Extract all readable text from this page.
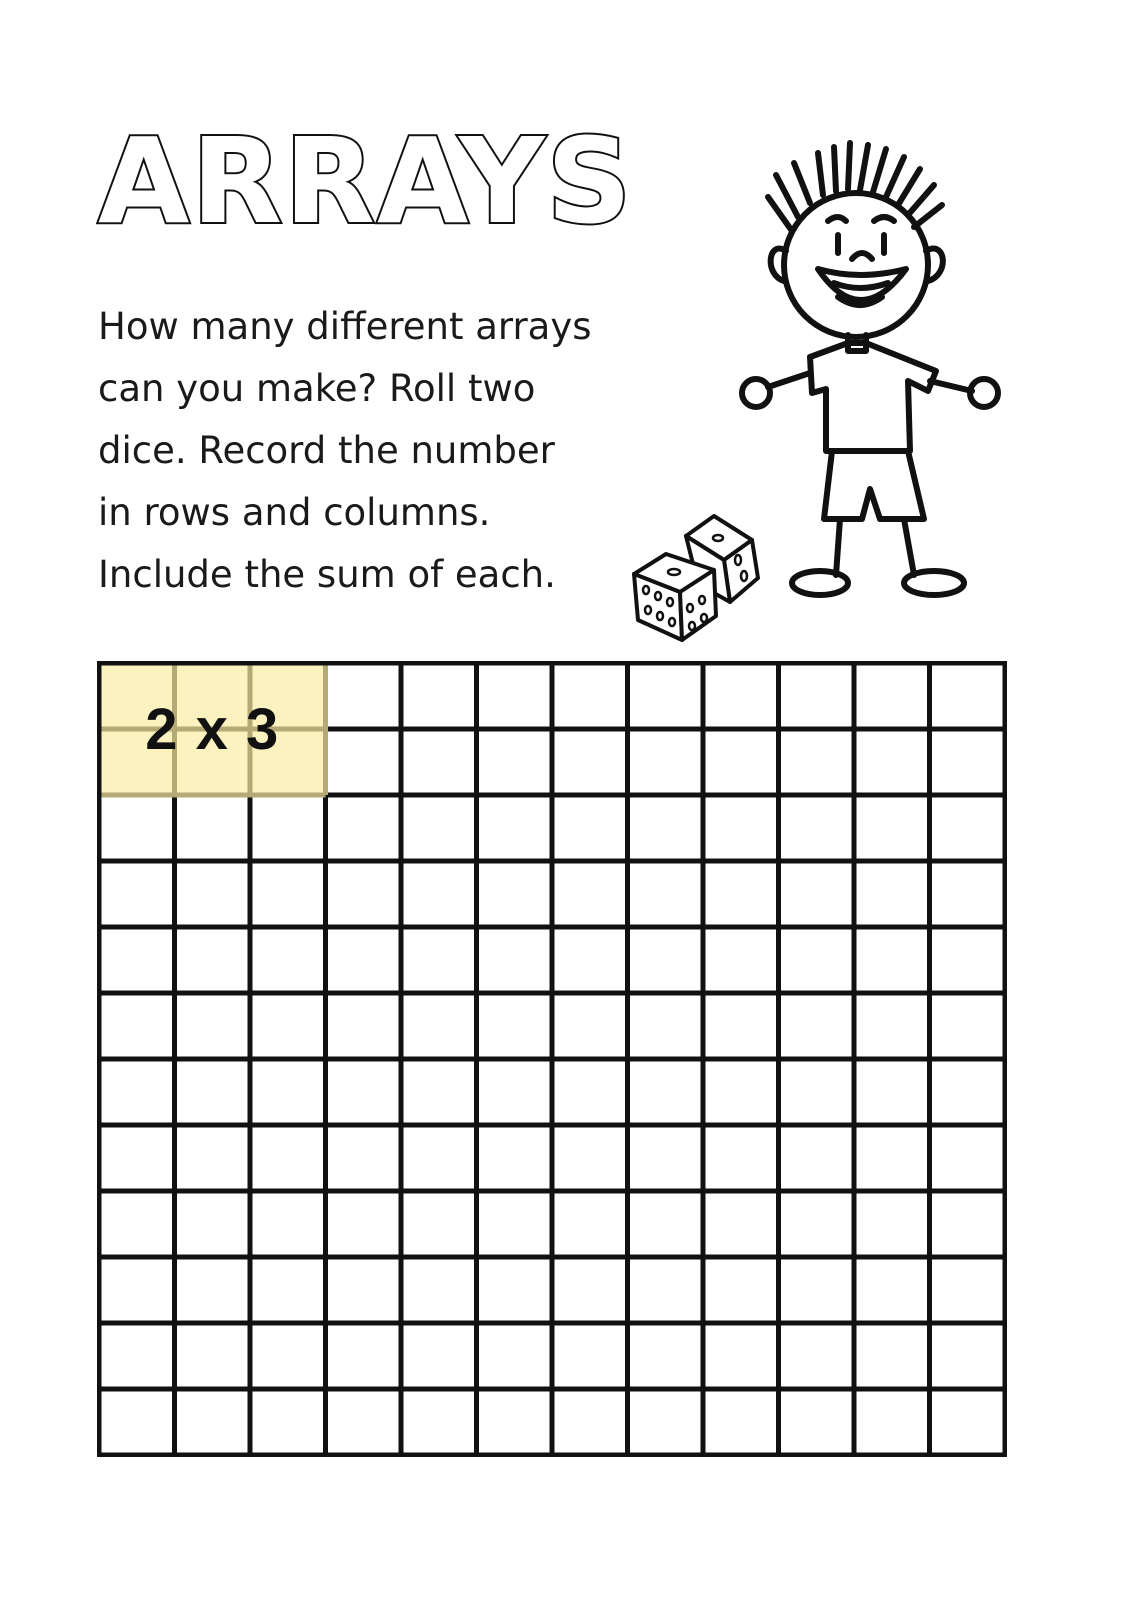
ARRAYS

How many different arrays
can you make? Roll two
dice. Record the number
in rows and columns.
Include the sum of each.

2 x 3
